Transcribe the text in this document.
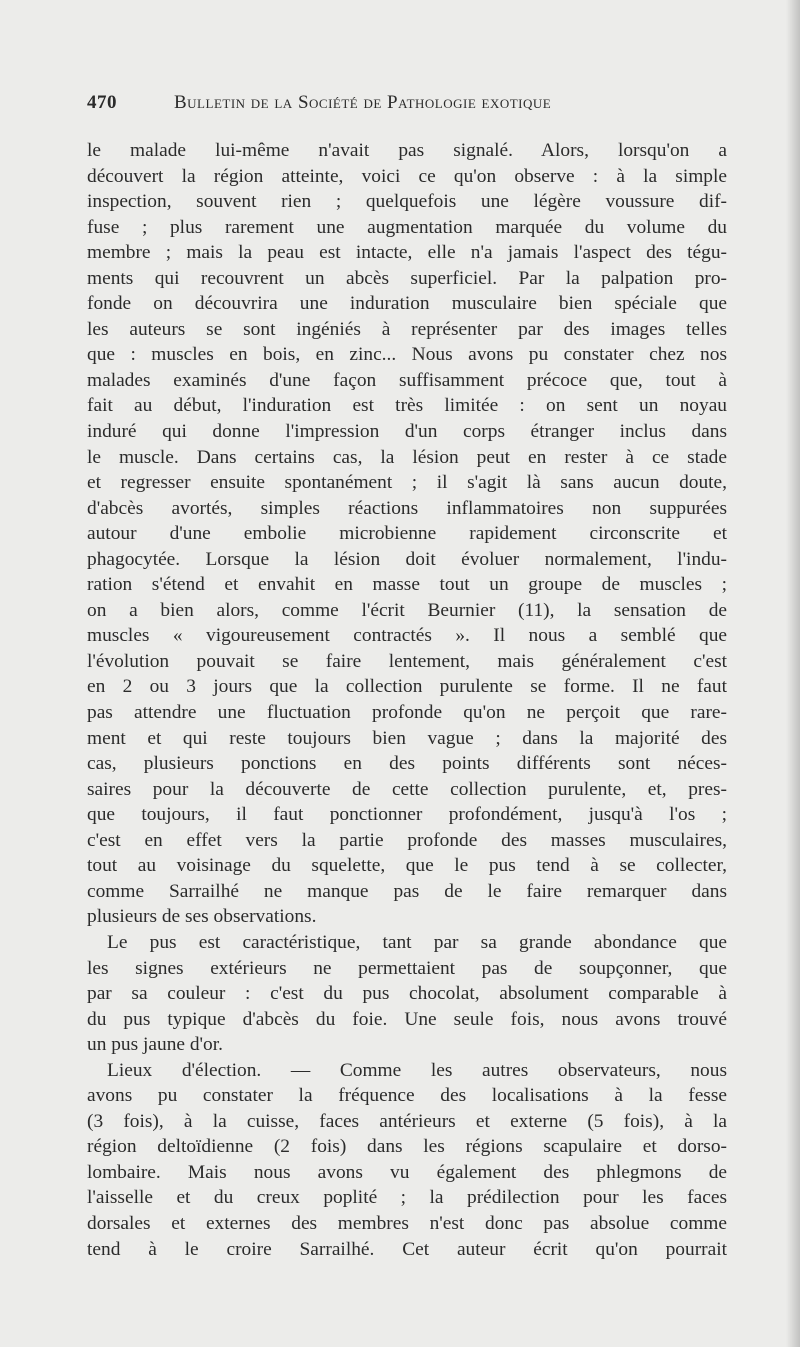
470	Bulletin de la Société de Pathologie exotique
le malade lui-même n'avait pas signalé. Alors, lorsqu'on a
découvert la région atteinte, voici ce qu'on observe : à la simple
inspection, souvent rien ; quelquefois une légère voussure dif-
fuse ; plus rarement une augmentation marquée du volume du
membre ; mais la peau est intacte, elle n'a jamais l'aspect des tégu-
ments qui recouvrent un abcès superficiel. Par la palpation pro-
fonde on découvrira une induration musculaire bien spéciale que
les auteurs se sont ingéniés à représenter par des images telles
que : muscles en bois, en zinc... Nous avons pu constater chez nos
malades examinés d'une façon suffisamment précoce que, tout à
fait au début, l'induration est très limitée : on sent un noyau
induré qui donne l'impression d'un corps étranger inclus dans
le muscle. Dans certains cas, la lésion peut en rester à ce stade
et regresser ensuite spontanément ; il s'agit là sans aucun doute,
d'abcès avortés, simples réactions inflammatoires non suppurées
autour d'une embolie microbienne rapidement circonscrite et
phagocytée. Lorsque la lésion doit évoluer normalement, l'indu-
ration s'étend et envahit en masse tout un groupe de muscles ;
on a bien alors, comme l'écrit Beurnier (11), la sensation de
muscles « vigoureusement contractés ». Il nous a semblé que
l'évolution pouvait se faire lentement, mais généralement c'est
en 2 ou 3 jours que la collection purulente se forme. Il ne faut
pas attendre une fluctuation profonde qu'on ne perçoit que rare-
ment et qui reste toujours bien vague ; dans la majorité des
cas, plusieurs ponctions en des points différents sont néces-
saires pour la découverte de cette collection purulente, et, pres-
que toujours, il faut ponctionner profondément, jusqu'à l'os ;
c'est en effet vers la partie profonde des masses musculaires,
tout au voisinage du squelette, que le pus tend à se collecter,
comme Sarrailhé ne manque pas de le faire remarquer dans
plusieurs de ses observations.
Le pus est caractéristique, tant par sa grande abondance que
les signes extérieurs ne permettaient pas de soupçonner, que
par sa couleur : c'est du pus chocolat, absolument comparable à
du pus typique d'abcès du foie. Une seule fois, nous avons trouvé
un pus jaune d'or.
Lieux d'élection. — Comme les autres observateurs, nous
avons pu constater la fréquence des localisations à la fesse
(3 fois), à la cuisse, faces antérieurs et externe (5 fois), à la
région deltoïdienne (2 fois) dans les régions scapulaire et dorso-
lombaire. Mais nous avons vu également des phlegmons de
l'aisselle et du creux poplité ; la prédilection pour les faces
dorsales et externes des membres n'est donc pas absolue comme
tend à le croire Sarrailhé. Cet auteur écrit qu'on pourrait
